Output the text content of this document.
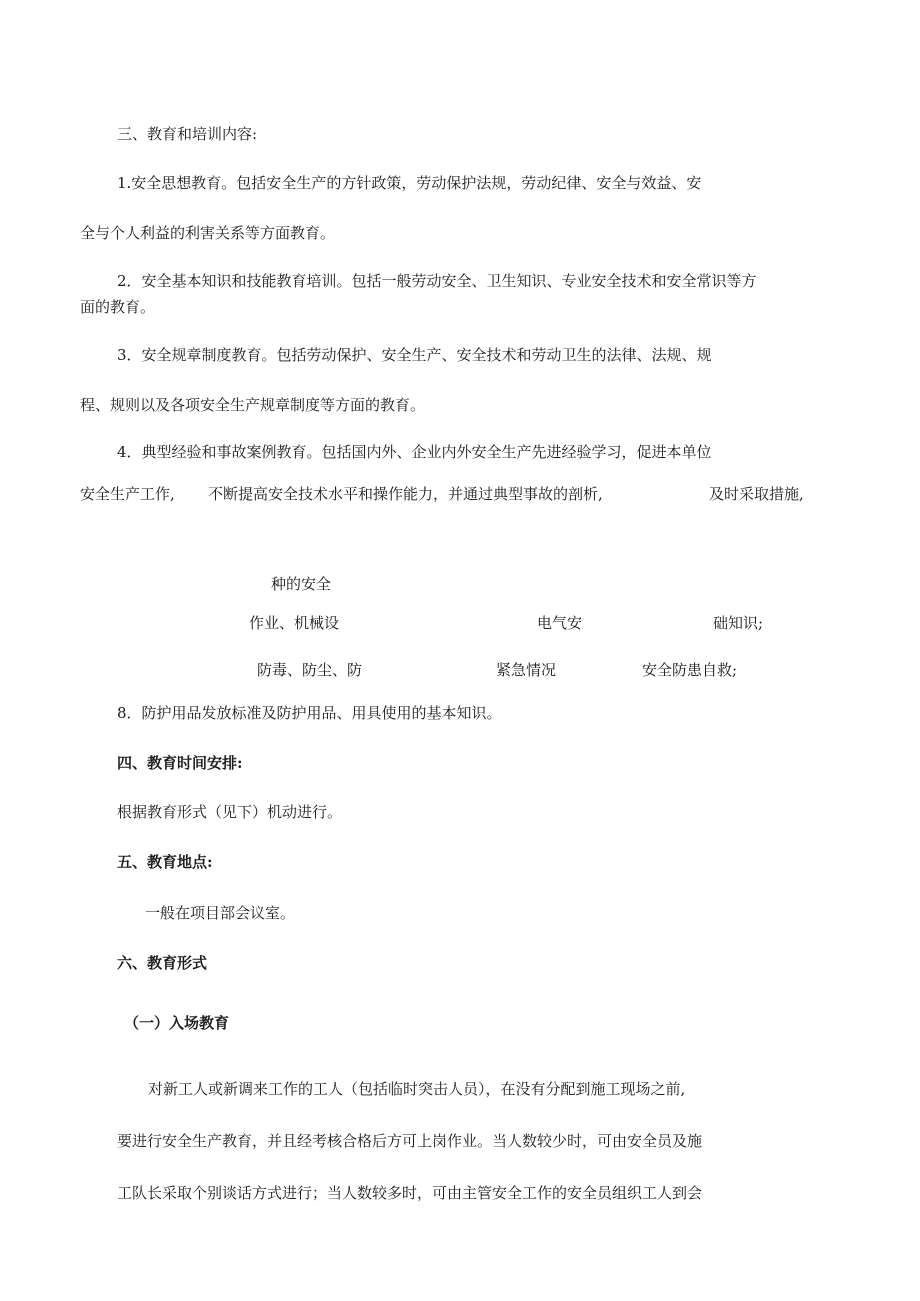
三、教育和培训内容:
1.安全思想教育。包括安全生产的方针政策，劳动保护法规，劳动纪律、安全与效益、安
全与个人利益的利害关系等方面教育。
2．安全基本知识和技能教育培训。包括一般劳动安全、卫生知识、专业安全技术和安全常识等方
面的教育。
3．安全规章制度教育。包括劳动保护、安全生产、安全技术和劳动卫生的法律、法规、规
程、规则以及各项安全生产规章制度等方面的教育。
4．典型经验和事故案例教育。包括国内外、企业内外安全生产先进经验学习，促进本单位
安全生产工作, 不断提高安全技术水平和操作能力，并通过典型事故的剖析,	及时采取措施,
种的安全
作业、机械设	电气安	础知识;
防毒、防尘、防	紧急情况	安全防患自救;
8．防护用品发放标准及防护用品、用具使用的基本知识。
四、教育时间安排:
根据教育形式（见下）机动进行。
五、教育地点:
一般在项目部会议室。
六、教育形式
（一）入场教育
对新工人或新调来工作的工人（包括临时突击人员），在没有分配到施工现场之前,
要进行安全生产教育，并且经考核合格后方可上岗作业。当人数较少时，可由安全员及施
工队长采取个别谈话方式进行；当人数较多时，可由主管安全工作的安全员组织工人到会
